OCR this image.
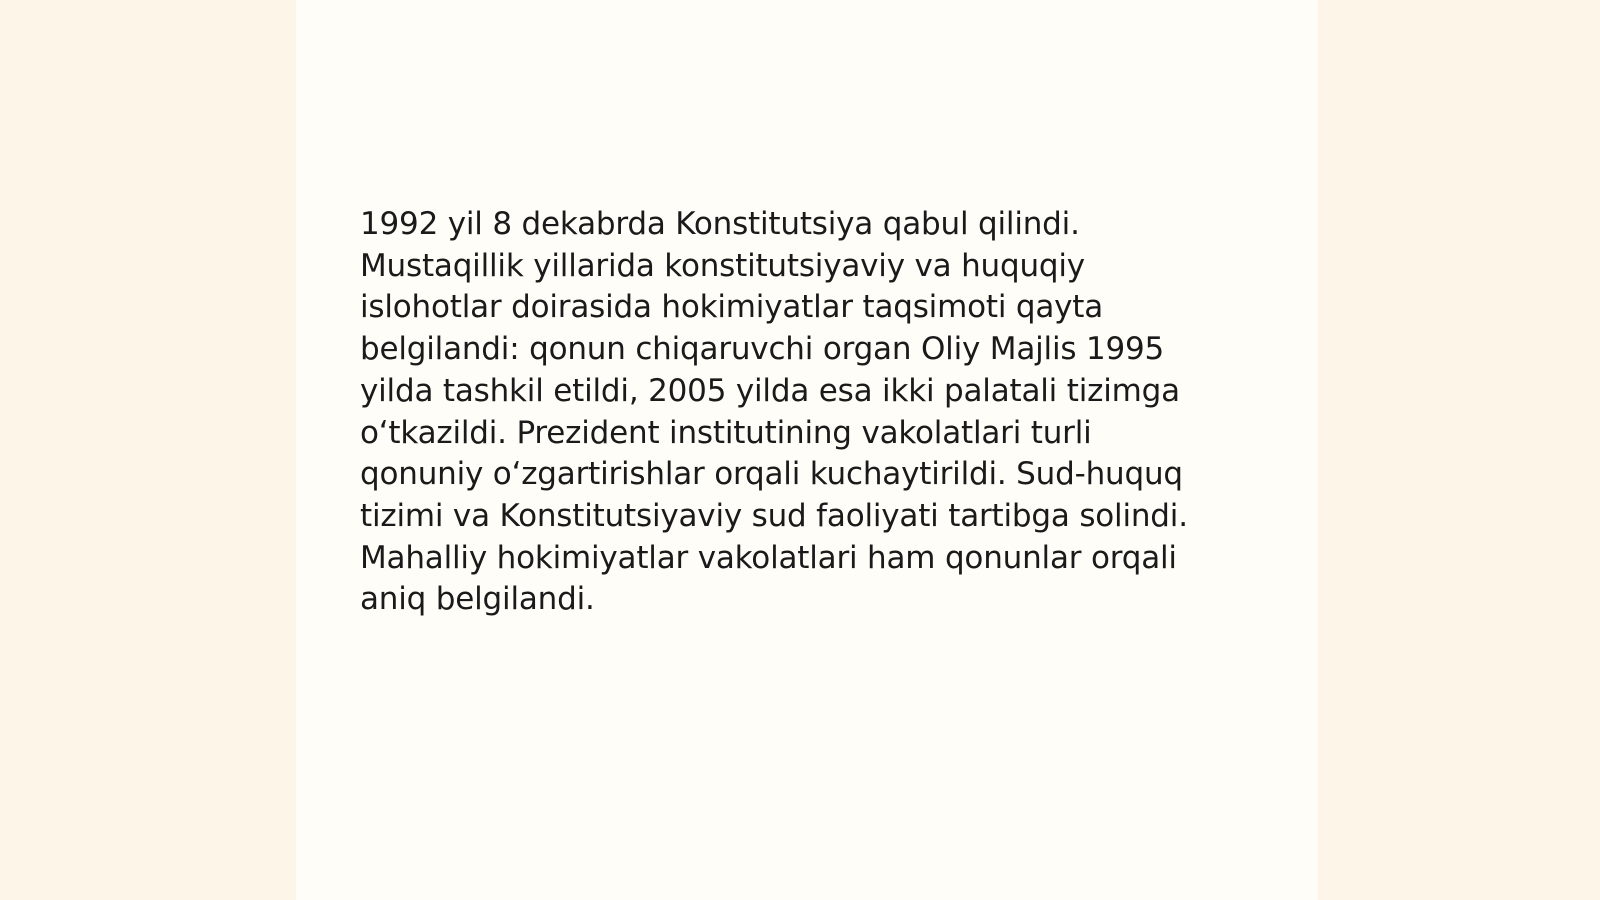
1992 yil 8 dekabrda Konstitutsiya qabul qilindi.
Mustaqillik yillarida konstitutsiyaviy va huquqiy
islohotlar doirasida hokimiyatlar taqsimoti qayta
belgilandi: qonun chiqaruvchi organ Oliy Majlis 1995
yilda tashkil etildi, 2005 yilda esa ikki palatali tizimga
oʻtkazildi. Prezident institutining vakolatlari turli
qonuniy oʻzgartirishlar orqali kuchaytirildi. Sud-huquq
tizimi va Konstitutsiyaviy sud faoliyati tartibga solindi.
Mahalliy hokimiyatlar vakolatlari ham qonunlar orqali
aniq belgilandi.
